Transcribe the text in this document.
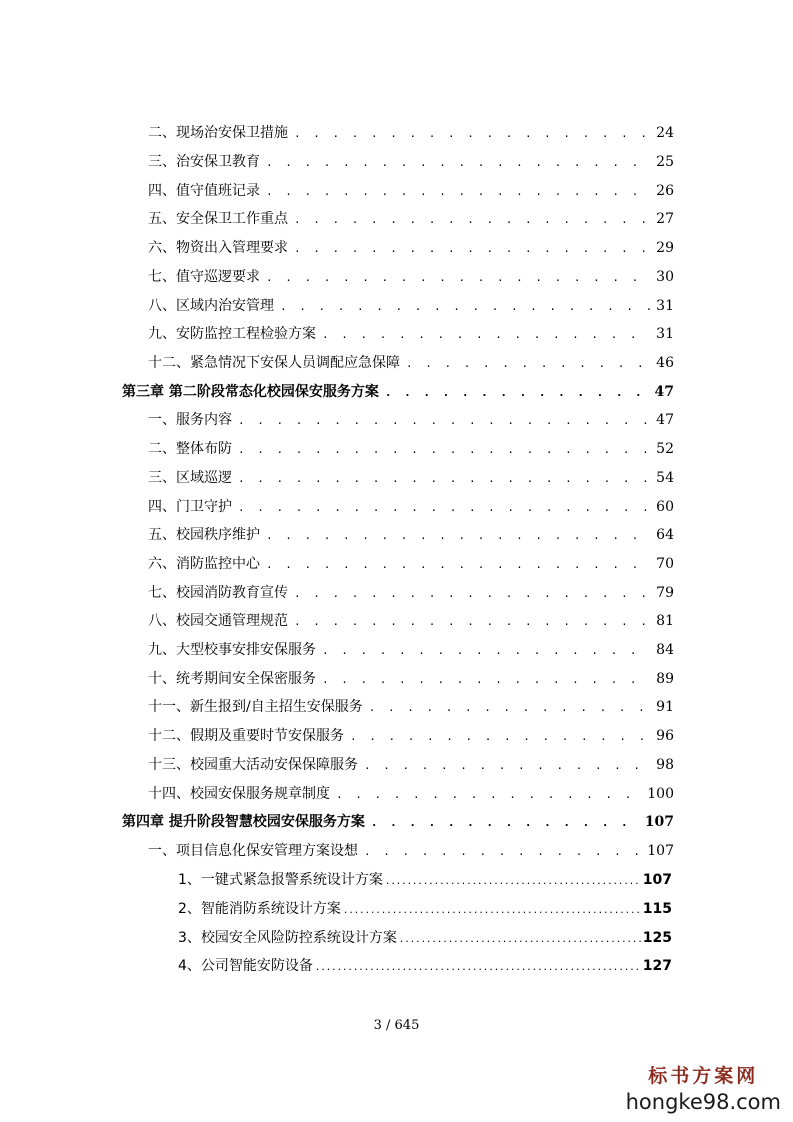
二、现场治安保卫措施 . . .	24
三、治安保卫教育 . . .	25
四、值守值班记录 . . .	26
五、安全保卫工作重点 . . .	27
六、物资出入管理要求 . . .	29
七、值守巡逻要求 . . .	30
八、区域内治安管理 . . .	31
九、安防监控工程检验方案 . . .	31
十二、紧急情况下安保人员调配应急保障 . . .	46
第三章 第二阶段常态化校园保安服务方案 . . .	47
一、服务内容 . . .	47
二、整体布防 . . .	52
三、区域巡逻 . . .	54
四、门卫守护 . . .	60
五、校园秩序维护 . . .	64
六、消防监控中心 . . .	70
七、校园消防教育宣传 . . .	79
八、校园交通管理规范 . . .	81
九、大型校事安排安保服务 . . .	84
十、统考期间安全保密服务 . . .	89
十一、新生报到/自主招生安保服务 . . .	91
十二、假期及重要时节安保服务 . . .	96
十三、校园重大活动安保保障服务 . . .	98
十四、校园安保服务规章制度 . . .	100
第四章 提升阶段智慧校园安保服务方案 . . .	107
一、项目信息化保安管理方案设想 . . .	107
1、一键式紧急报警系统设计方案 .....	107
2、智能消防系统设计方案 .....	115
3、校园安全风险防控系统设计方案 .....	125
4、公司智能安防设备 .....	127
3 / 645
标书方案网
hongke98.com
